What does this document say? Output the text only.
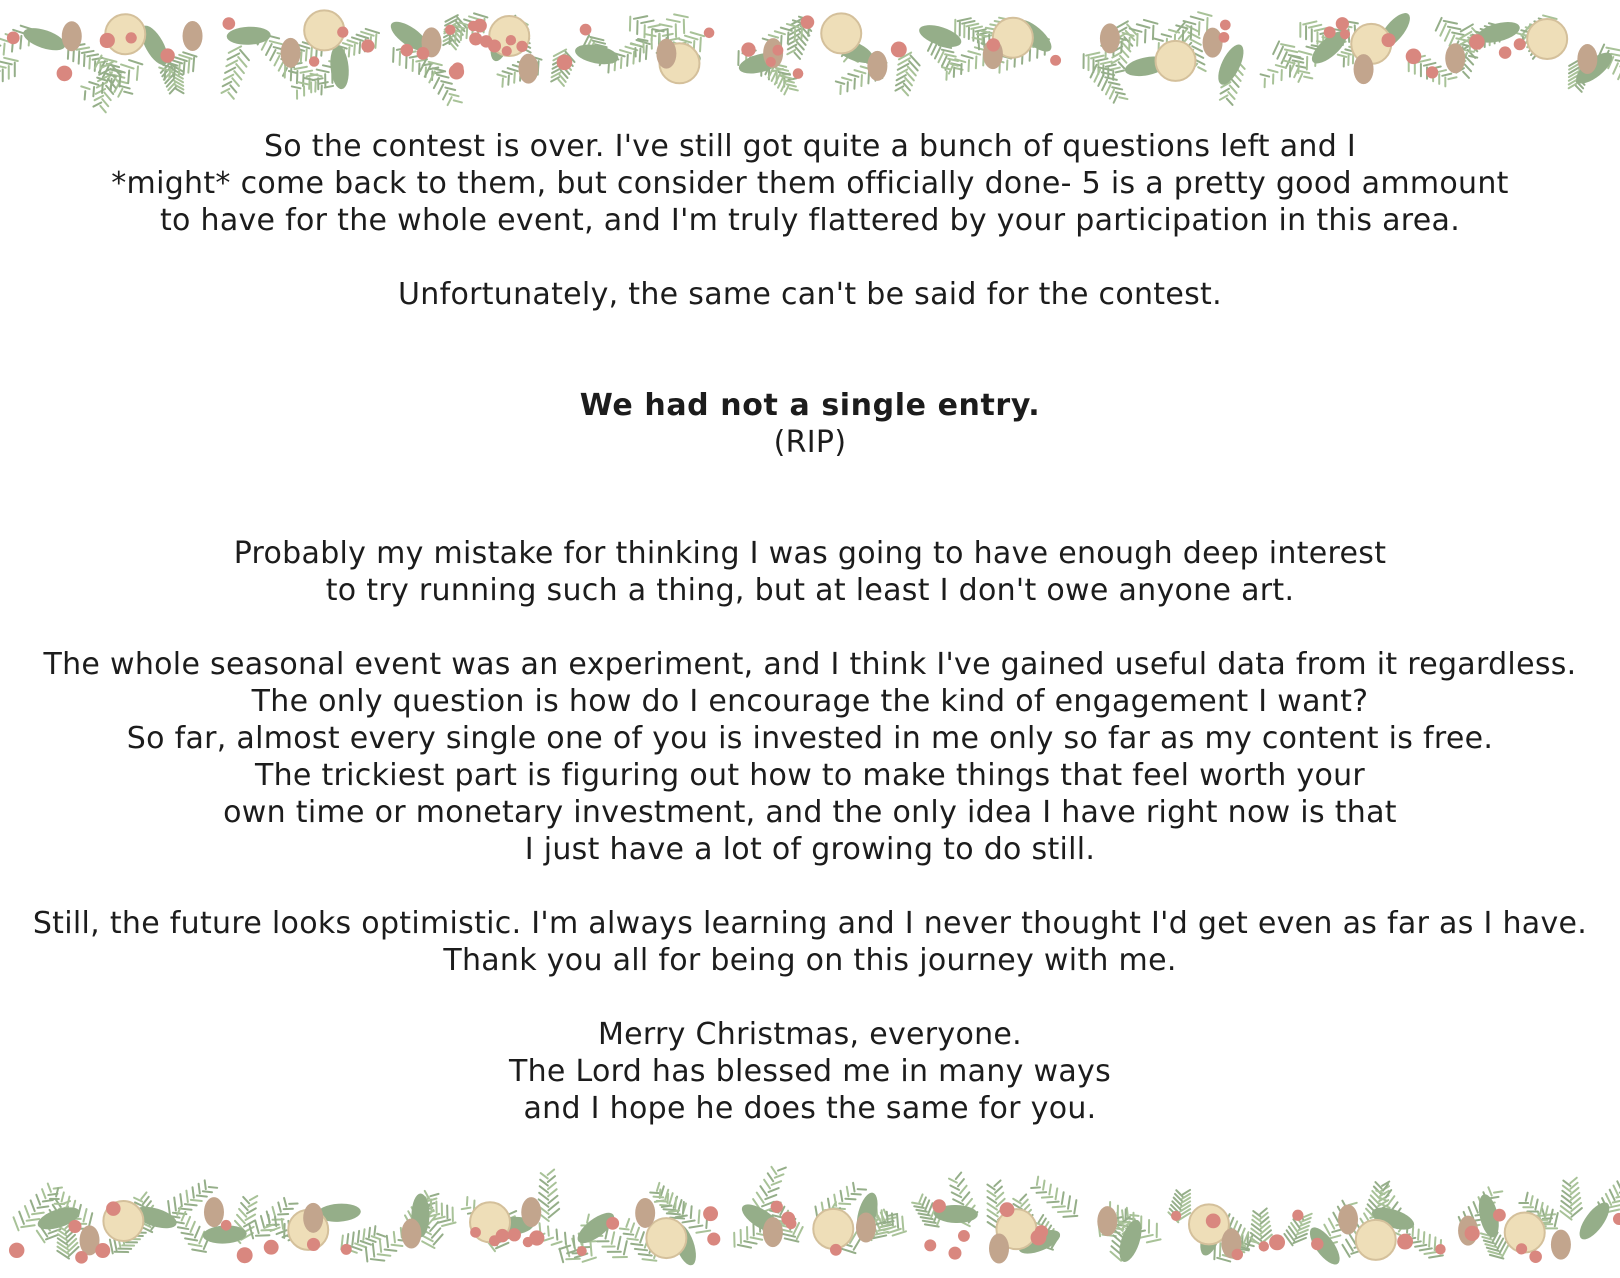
So the contest is over. I've still got quite a bunch of questions left and I
*might* come back to them, but consider them officially done- 5 is a pretty good ammount
to have for the whole event, and I'm truly flattered by your participation in this area.
Unfortunately, the same can't be said for the contest.
We had not a single entry.
(RIP)
Probably my mistake for thinking I was going to have enough deep interest
to try running such a thing, but at least I don't owe anyone art.
The whole seasonal event was an experiment, and I think I've gained useful data from it regardless.
The only question is how do I encourage the kind of engagement I want?
So far, almost every single one of you is invested in me only so far as my content is free.
The trickiest part is figuring out how to make things that feel worth your
own time or monetary investment, and the only idea I have right now is that
I just have a lot of growing to do still.
Still, the future looks optimistic. I'm always learning and I never thought I'd get even as far as I have.
Thank you all for being on this journey with me.
Merry Christmas, everyone.
The Lord has blessed me in many ways
and I hope he does the same for you.
